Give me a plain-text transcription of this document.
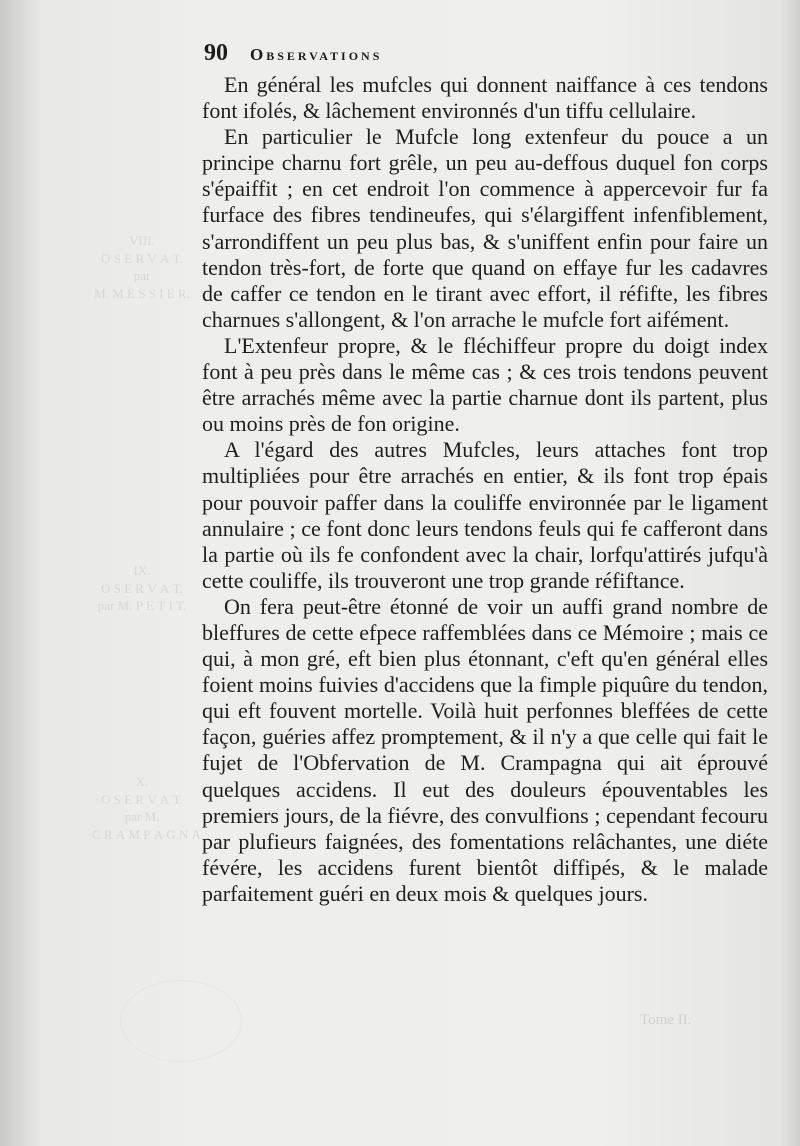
VIII.
O S E R V A T.
par
M. M E S S I E R.
IX.
O S E R V A T.
par M. P E T I T.
X.
O S E R V A T.
par M.
C R A M P A G N A.
Tome II.
90 Observations

En général les mufcles qui donnent naiffance à ces tendons font ifolés, & lâchement environnés d'un tiffu cellulaire.

En particulier le Mufcle long extenfeur du pouce a un principe charnu fort grêle, un peu au-deffous duquel fon corps s'épaiffit ; en cet endroit l'on commence à appercevoir fur fa furface des fibres tendineufes, qui s'élargiffent infenfiblement, s'arrondiffent un peu plus bas, & s'uniffent enfin pour faire un tendon très-fort, de forte que quand on effaye fur les cadavres de caffer ce tendon en le tirant avec effort, il réfifte, les fibres charnues s'allongent, & l'on arrache le mufcle fort aifément.

L'Extenfeur propre, & le fléchiffeur propre du doigt index font à peu près dans le même cas ; & ces trois tendons peuvent être arrachés même avec la partie charnue dont ils partent, plus ou moins près de fon origine.

A l'égard des autres Mufcles, leurs attaches font trop multipliées pour être arrachés en entier, & ils font trop épais pour pouvoir paffer dans la couliffe environnée par le ligament annulaire ; ce font donc leurs tendons feuls qui fe cafferont dans la partie où ils fe confondent avec la chair, lorfqu'attirés jufqu'à cette couliffe, ils trouveront une trop grande réfiftance.

On fera peut-être étonné de voir un auffi grand nombre de bleffures de cette efpece raffemblées dans ce Mémoire ; mais ce qui, à mon gré, eft bien plus étonnant, c'eft qu'en général elles foient moins fuivies d'accidens que la fimple piquûre du tendon, qui eft fouvent mortelle. Voilà huit perfonnes bleffées de cette façon, guéries affez promptement, & il n'y a que celle qui fait le fujet de l'Obfervation de M. Crampagna qui ait éprouvé quelques accidens. Il eut des douleurs épouventables les premiers jours, de la fiévre, des convulfions ; cependant fecouru par plufieurs faignées, des fomentations relâchantes, une diéte févére, les accidens furent bientôt diffipés, & le malade parfaitement guéri en deux mois & quelques jours.
